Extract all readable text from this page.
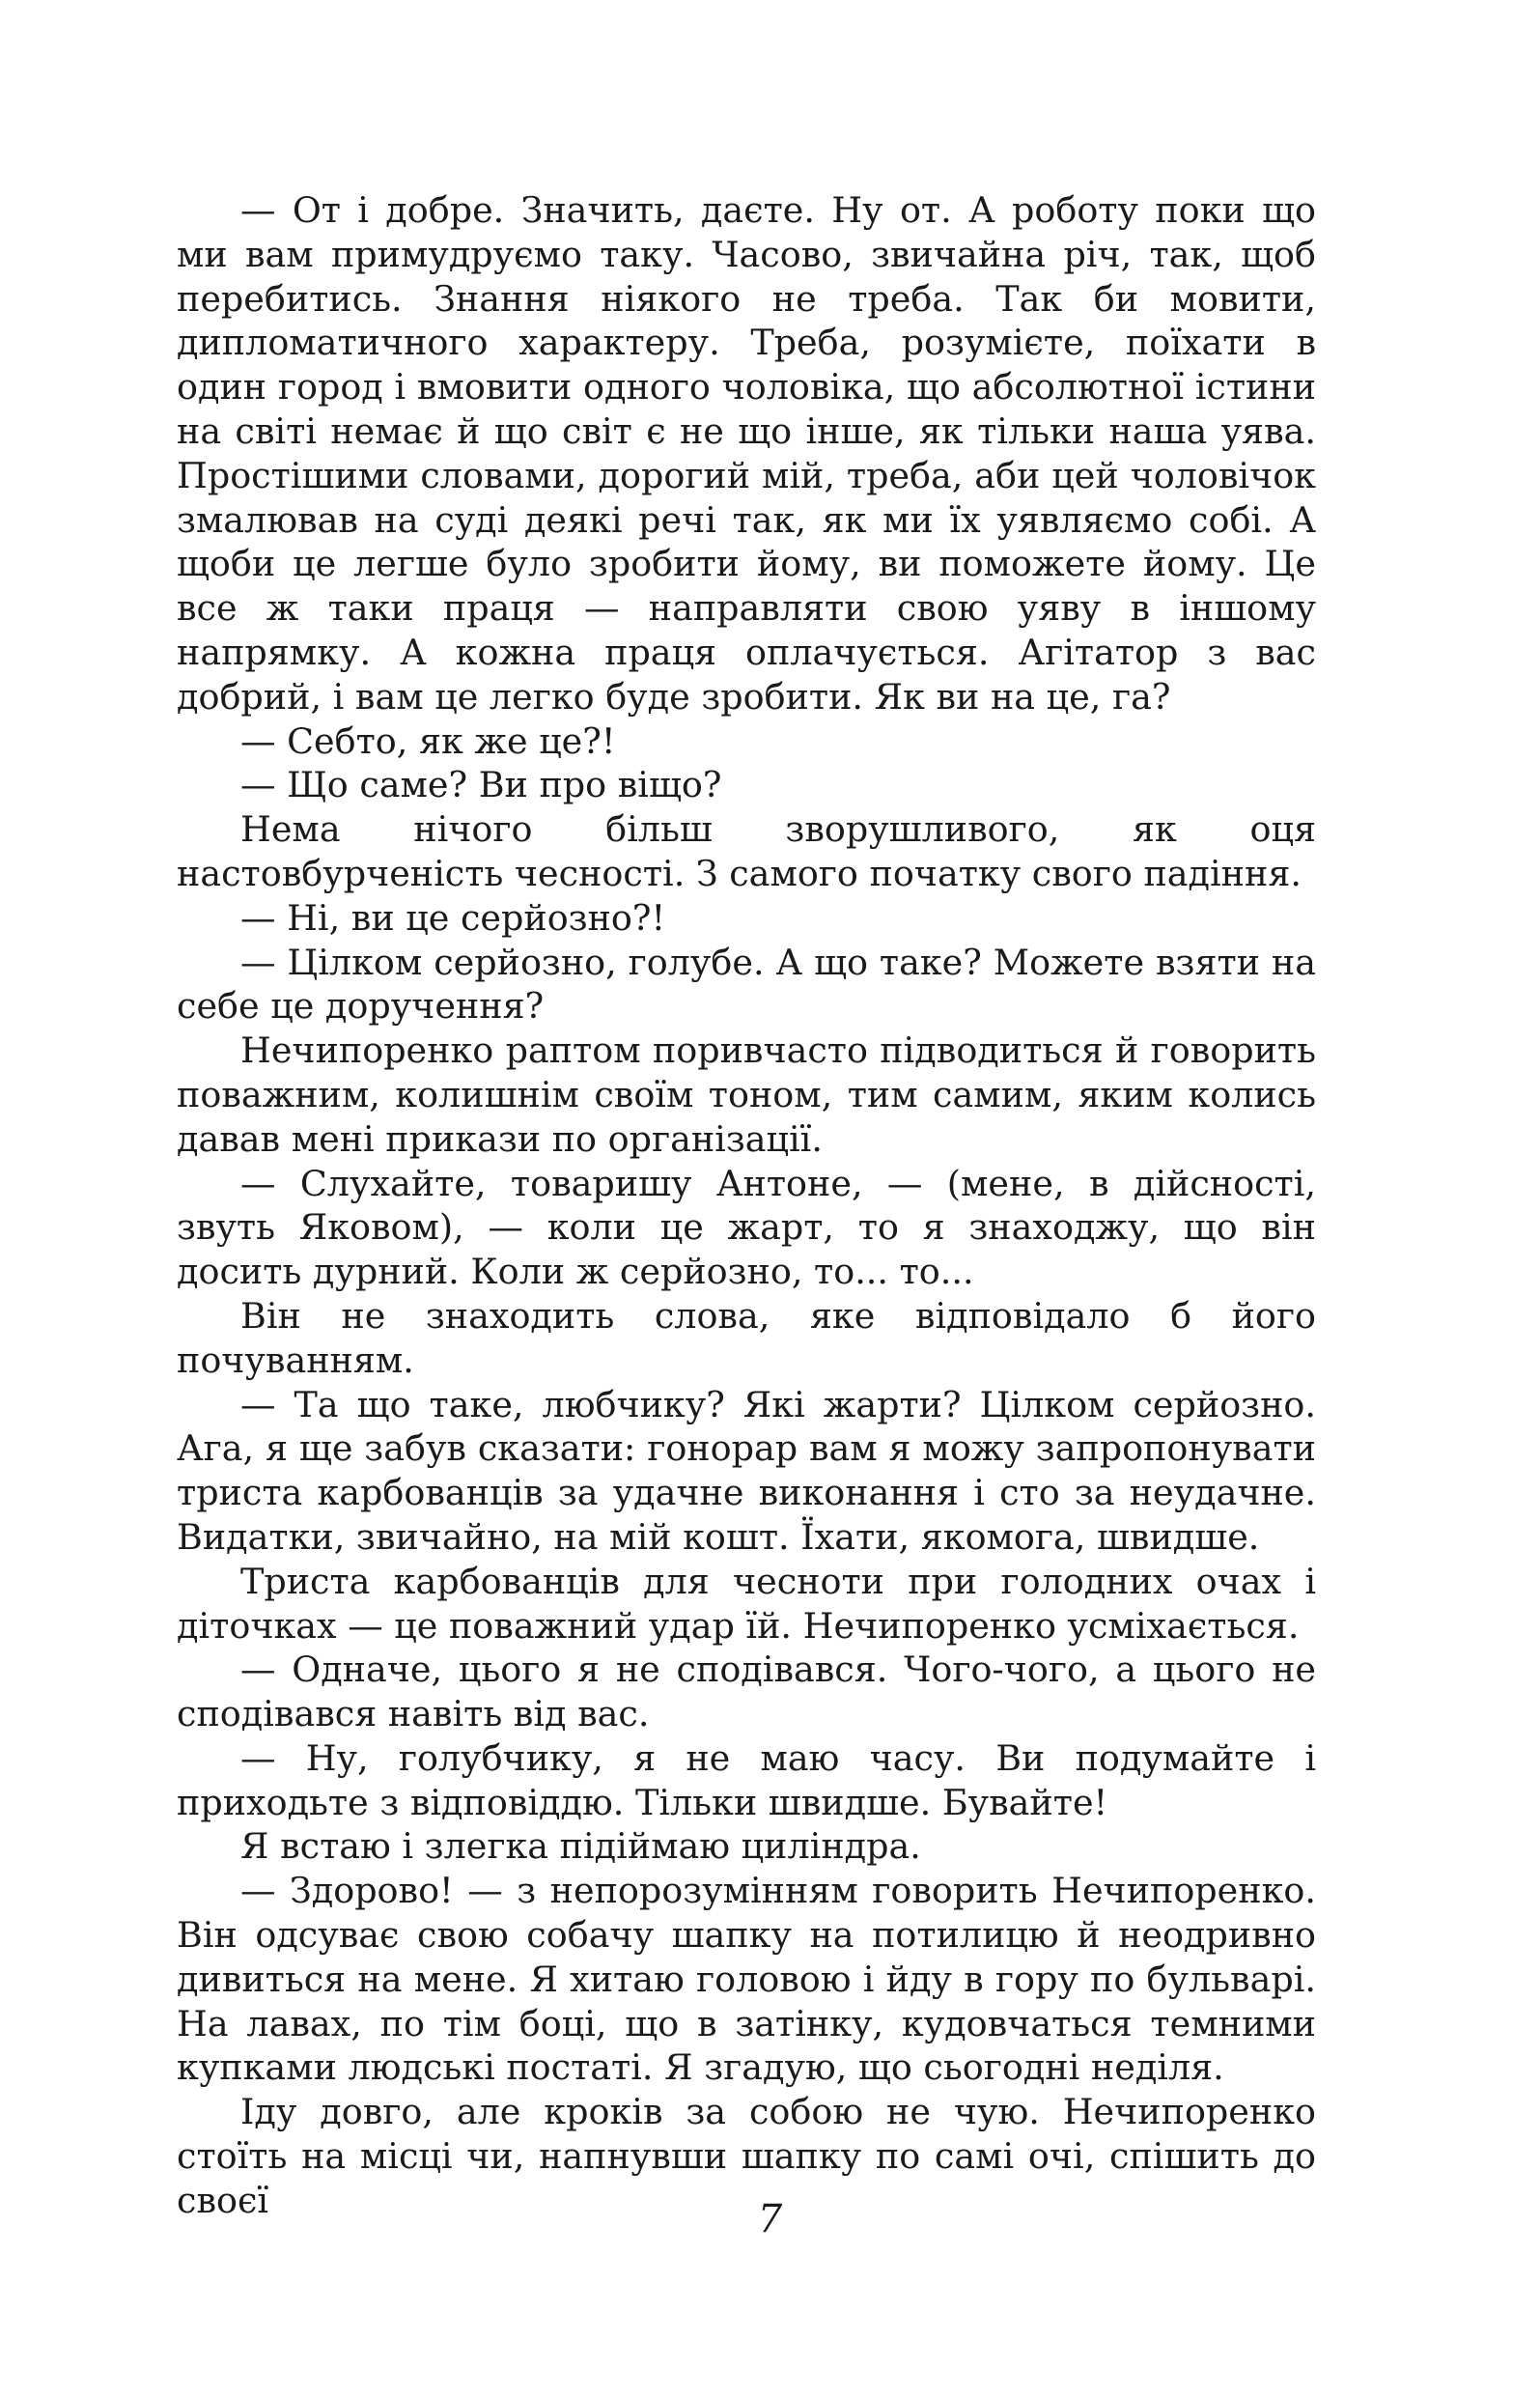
— От і добре. Значить, даєте. Ну от. А роботу поки що ми вам примудруємо таку. Часово, звичайна річ, так, щоб перебитись. Знання ніякого не треба. Так би мовити, дипломатичного характеру. Треба, розумієте, поїхати в один город і вмовити одного чоловіка, що абсолютної істини на світі немає й що світ є не що інше, як тільки наша уява. Простішими словами, дорогий мій, треба, аби цей чоловічок змалював на суді деякі речі так, як ми їх уявляємо собі. А щоби це легше було зробити йому, ви поможете йому. Це все ж таки праця — направляти свою уяву в іншому напрямку. А кожна праця оплачується. Агітатор з вас добрий, і вам це легко буде зробити. Як ви на це, га?

— Себто, як же це?!

— Що саме? Ви про віщо?

Нема нічого більш зворушливого, як оця настовбурченість чесності. З самого початку свого падіння.

— Ні, ви це серйозно?!

— Цілком серйозно, голубе. А що таке? Можете взяти на себе це доручення?

Нечипоренко раптом поривчасто підводиться й говорить поважним, колишнім своїм тоном, тим самим, яким колись давав мені прикази по організації.

— Слухайте, товаришу Антоне, — (мене, в дійсності, звуть Яковом), — коли це жарт, то я знаходжу, що він досить дурний. Коли ж серйозно, то... то...

Він не знаходить слова, яке відповідало б його почуванням.

— Та що таке, любчику? Які жарти? Цілком серйозно. Ага, я ще забув сказати: гонорар вам я можу запропонувати триста карбованців за удачне виконання і сто за неудачне. Видатки, звичайно, на мій кошт. Їхати, якомога, швидше.

Триста карбованців для чесноти при голодних очах і діточках — це поважний удар їй. Нечипоренко усміхається.

— Одначе, цього я не сподівався. Чого-чого, а цього не сподівався навіть від вас.

— Ну, голубчику, я не маю часу. Ви подумайте і приходьте з відповіддю. Тільки швидше. Бувайте!

Я встаю і злегка підіймаю циліндра.

— Здорово! — з непорозумінням говорить Нечипоренко. Він одсуває свою собачу шапку на потилицю й неодривно дивиться на мене. Я хитаю головою і йду в гору по бульварі. На лавах, по тім боці, що в затінку, кудовчаться темними купками людські постаті. Я згадую, що сьогодні неділя.

Іду довго, але кроків за собою не чую. Нечипоренко стоїть на місці чи, напнувши шапку по самі очі, спішить до своєї	7
